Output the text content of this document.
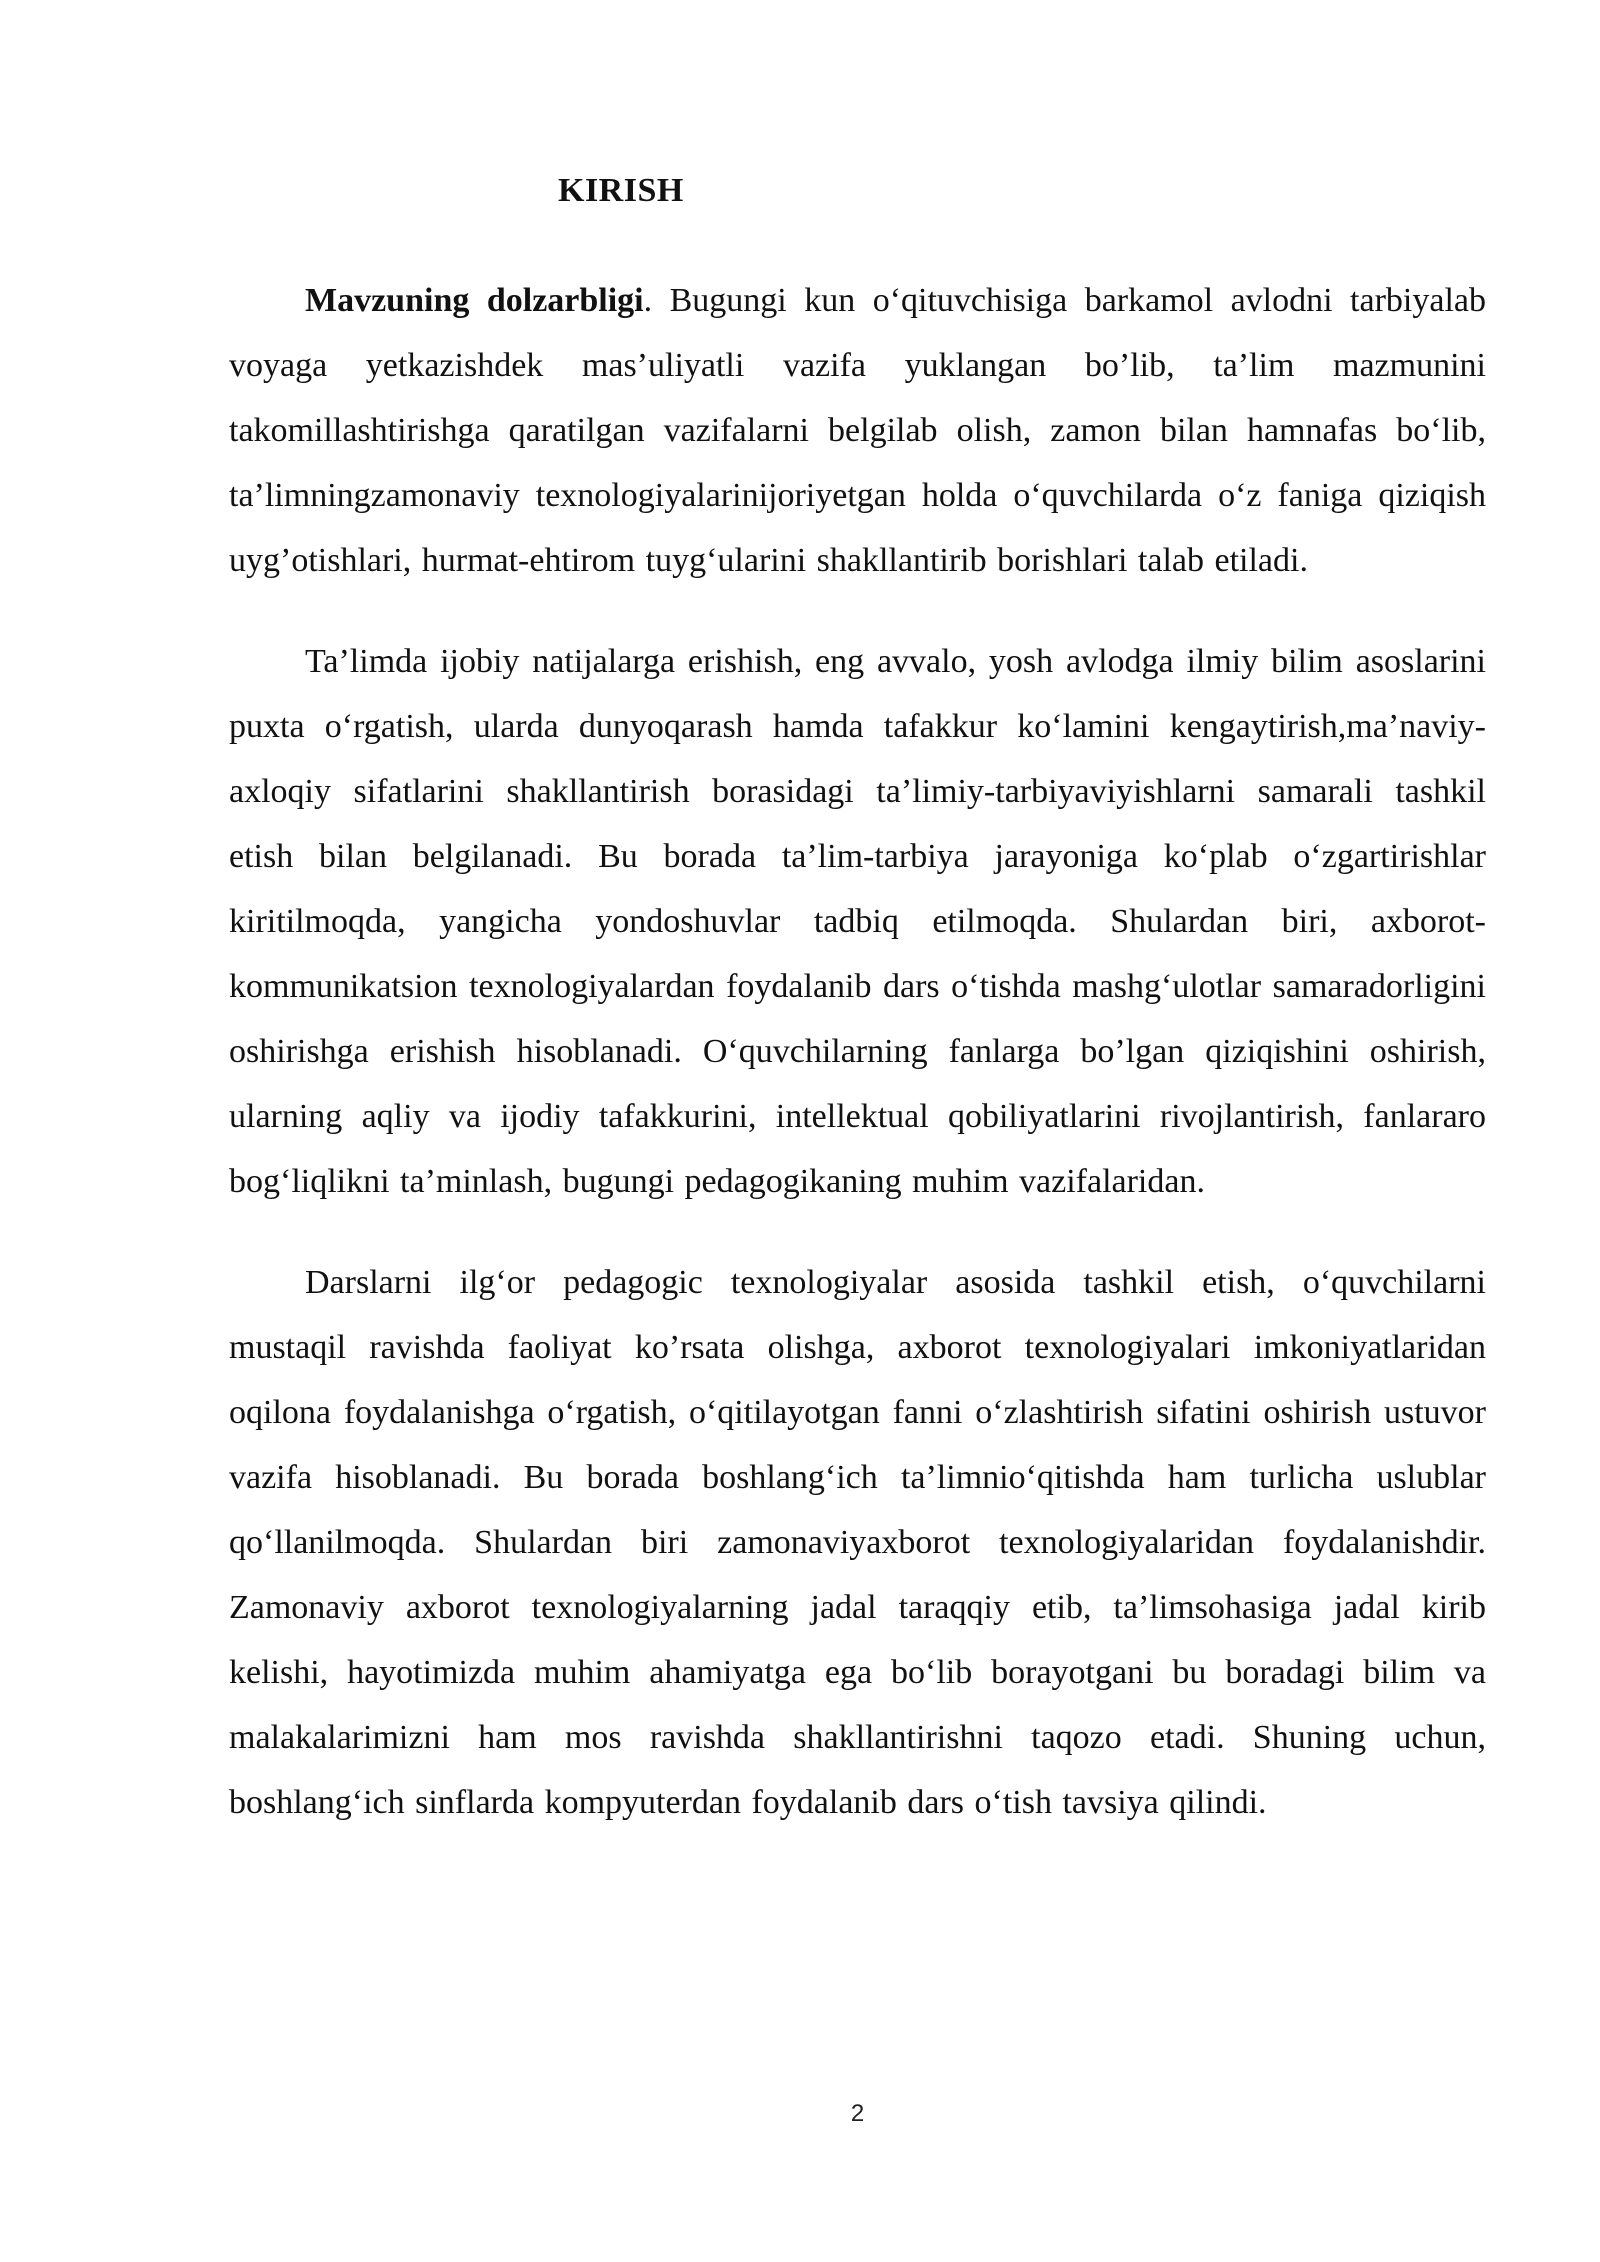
KIRISH

Mavzuning dolzarbligi. Bugungi kun o‘qituvchisiga barkamol avlodni tarbiyalab voyaga yetkazishdek mas’uliyatli vazifa yuklangan bo’lib, ta’lim mazmunini takomillashtirishga qaratilgan vazifalarni belgilab olish, zamon bilan hamnafas bo‘lib, ta’limningzamonaviy texnologiyalarinijoriyetgan holda o‘quvchilarda o‘z faniga qiziqish uyg’otishlari, hurmat-ehtirom tuyg‘ularini shakllantirib borishlari talab etiladi.

Ta’limda ijobiy natijalarga erishish, eng avvalo, yosh avlodga ilmiy bilim asoslarini puxta o‘rgatish, ularda dunyoqarash hamda tafakkur ko‘lamini kengaytirish,ma’naviy-axloqiy sifatlarini shakllantirish borasidagi ta’limiy-tarbiyaviyishlarni samarali tashkil etish bilan belgilanadi. Bu borada ta’lim-tarbiya jarayoniga ko‘plab o‘zgartirishlar kiritilmoqda, yangicha yondoshuvlar tadbiq etilmoqda. Shulardan biri, axborot-kommunikatsion texnologiyalardan foydalanib dars o‘tishda mashg‘ulotlar samaradorligini oshirishga erishish hisoblanadi. O‘quvchilarning fanlarga bo’lgan qiziqishini oshirish, ularning aqliy va ijodiy tafakkurini, intellektual qobiliyatlarini rivojlantirish, fanlararo bog‘liqlikni ta’minlash, bugungi pedagogikaning muhim vazifalaridan.

Darslarni ilg‘or pedagogic texnologiyalar asosida tashkil etish, o‘quvchilarni mustaqil ravishda faoliyat ko’rsata olishga, axborot texnologiyalari imkoniyatlaridan oqilona foydalanishga o‘rgatish, o‘qitilayotgan fanni o‘zlashtirish sifatini oshirish ustuvor vazifa hisoblanadi. Bu borada boshlang‘ich ta’limnio‘qitishda ham turlicha uslublar qo‘llanilmoqda. Shulardan biri zamonaviyaxborot texnologiyalaridan foydalanishdir. Zamonaviy axborot texnologiyalarning jadal taraqqiy etib, ta’limsohasiga jadal kirib kelishi, hayotimizda muhim ahamiyatga ega bo‘lib borayotgani bu boradagi bilim va malakalarimizni ham mos ravishda shakllantirishni taqozo etadi. Shuning uchun, boshlang‘ich sinflarda kompyuterdan foydalanib dars o‘tish tavsiya qilindi.

2
